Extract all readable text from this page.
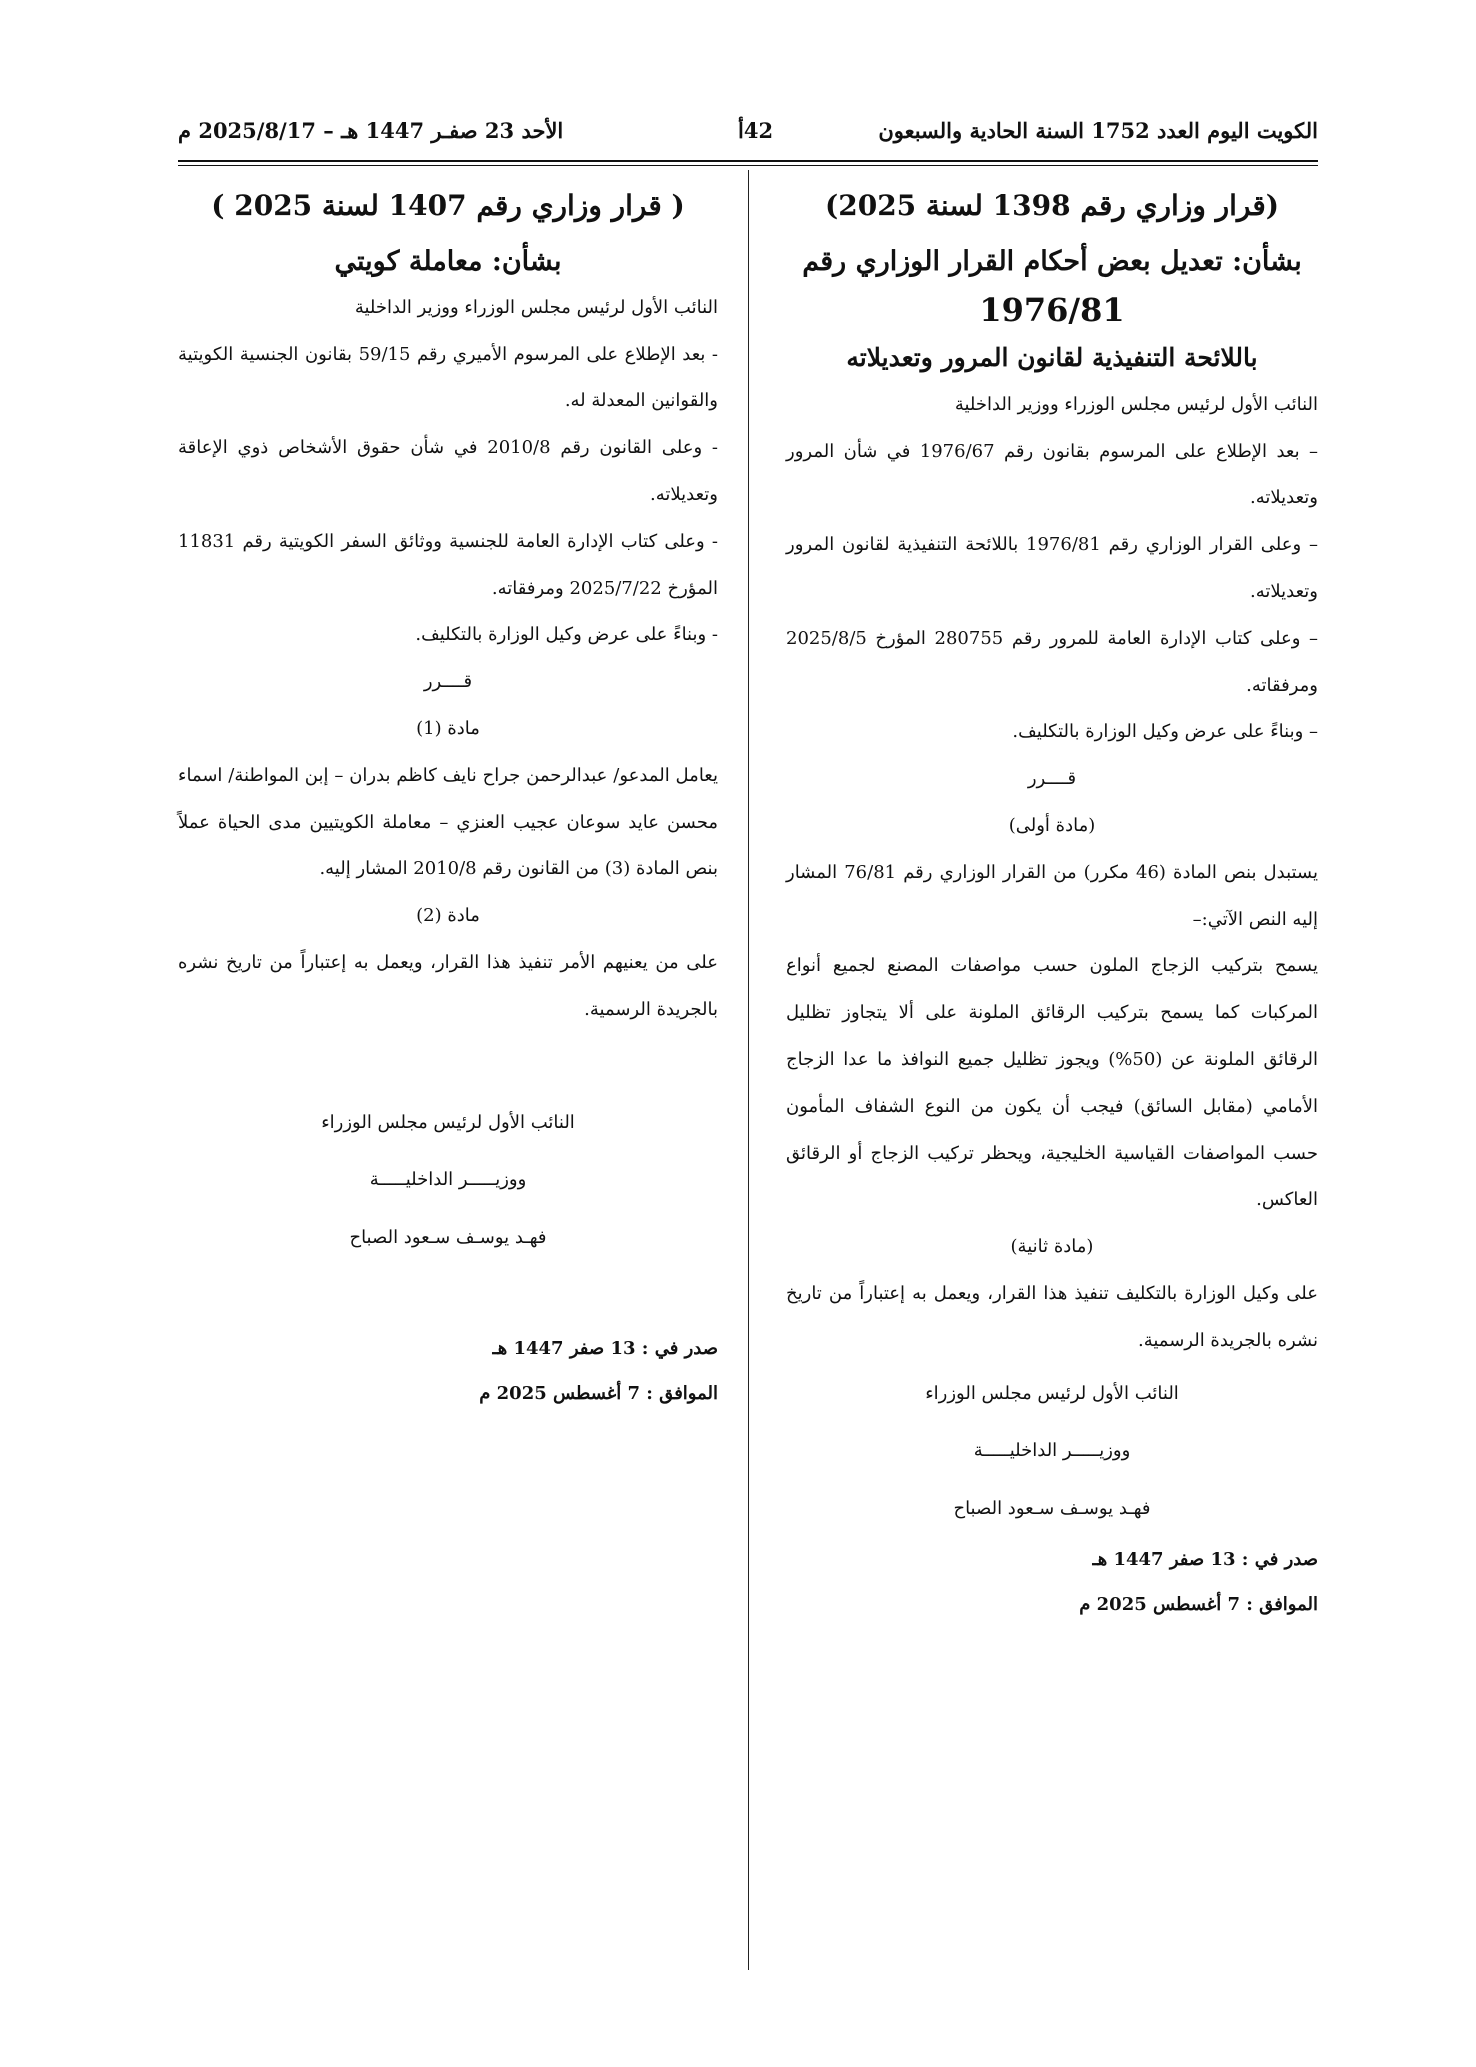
الكويت اليوم العدد 1752 السنة الحادية والسبعون
42أ
الأحد 23 صفـر 1447 هـ – 2025/8/17 م
(قرار وزاري رقم 1398 لسنة 2025)
بشأن: تعديل بعض أحكام القرار الوزاري رقم
1976/81
باللائحة التنفيذية لقانون المرور وتعديلاته

النائب الأول لرئيس مجلس الوزراء ووزير الداخلية

– بعد الإطلاع على المرسوم بقانون رقم 1976/67 في شأن المرور وتعديلاته.

– وعلى القرار الوزاري رقم 1976/81 باللائحة التنفيذية لقانون المرور وتعديلاته.

– وعلى كتاب الإدارة العامة للمرور رقم 280755 المؤرخ 2025/8/5 ومرفقاته.

– وبناءً على عرض وكيل الوزارة بالتكليف.

قــــرر

(مادة أولى)

يستبدل بنص المادة (46 مكرر) من القرار الوزاري رقم 76/81 المشار إليه النص الآتي:–

يسمح بتركيب الزجاج الملون حسب مواصفات المصنع لجميع أنواع المركبات كما يسمح بتركيب الرقائق الملونة على ألا يتجاوز تظليل الرقائق الملونة عن (50%) ويجوز تظليل جميع النوافذ ما عدا الزجاج الأمامي (مقابل السائق) فيجب أن يكون من النوع الشفاف المأمون حسب المواصفات القياسية الخليجية، ويحظر تركيب الزجاج أو الرقائق العاكس.

(مادة ثانية)

على وكيل الوزارة بالتكليف تنفيذ هذا القرار، ويعمل به إعتباراً من تاريخ نشره بالجريدة الرسمية.

النائب الأول لرئيس مجلس الوزراء
ووزيـــــر الداخليـــــة
فهـد يوسـف سـعود الصباح
صدر في : 13 صفر 1447 هـ
الموافق : 7 أغسطس 2025 م
( قرار وزاري رقم 1407 لسنة 2025 )
بشأن: معاملة كويتي

النائب الأول لرئيس مجلس الوزراء ووزير الداخلية

- بعد الإطلاع على المرسوم الأميري رقم 59/15 بقانون الجنسية الكويتية والقوانين المعدلة له.

- وعلى القانون رقم 2010/8 في شأن حقوق الأشخاص ذوي الإعاقة وتعديلاته.

- وعلى كتاب الإدارة العامة للجنسية ووثائق السفر الكويتية رقم 11831 المؤرخ 2025/7/22 ومرفقاته.

- وبناءً على عرض وكيل الوزارة بالتكليف.

قــــرر

مادة (1)

يعامل المدعو/ عبدالرحمن جراح نايف كاظم بدران – إبن المواطنة/ اسماء محسن عايد سوعان عجيب العنزي – معاملة الكويتيين مدى الحياة عملاً بنص المادة (3) من القانون رقم 2010/8 المشار إليه.

مادة (2)

على من يعنيهم الأمر تنفيذ هذا القرار، ويعمل به إعتباراً من تاريخ نشره بالجريدة الرسمية.

النائب الأول لرئيس مجلس الوزراء
ووزيـــــر الداخليـــــة
فهـد يوسـف سـعود الصباح
صدر في : 13 صفر 1447 هـ
الموافق : 7 أغسطس 2025 م
